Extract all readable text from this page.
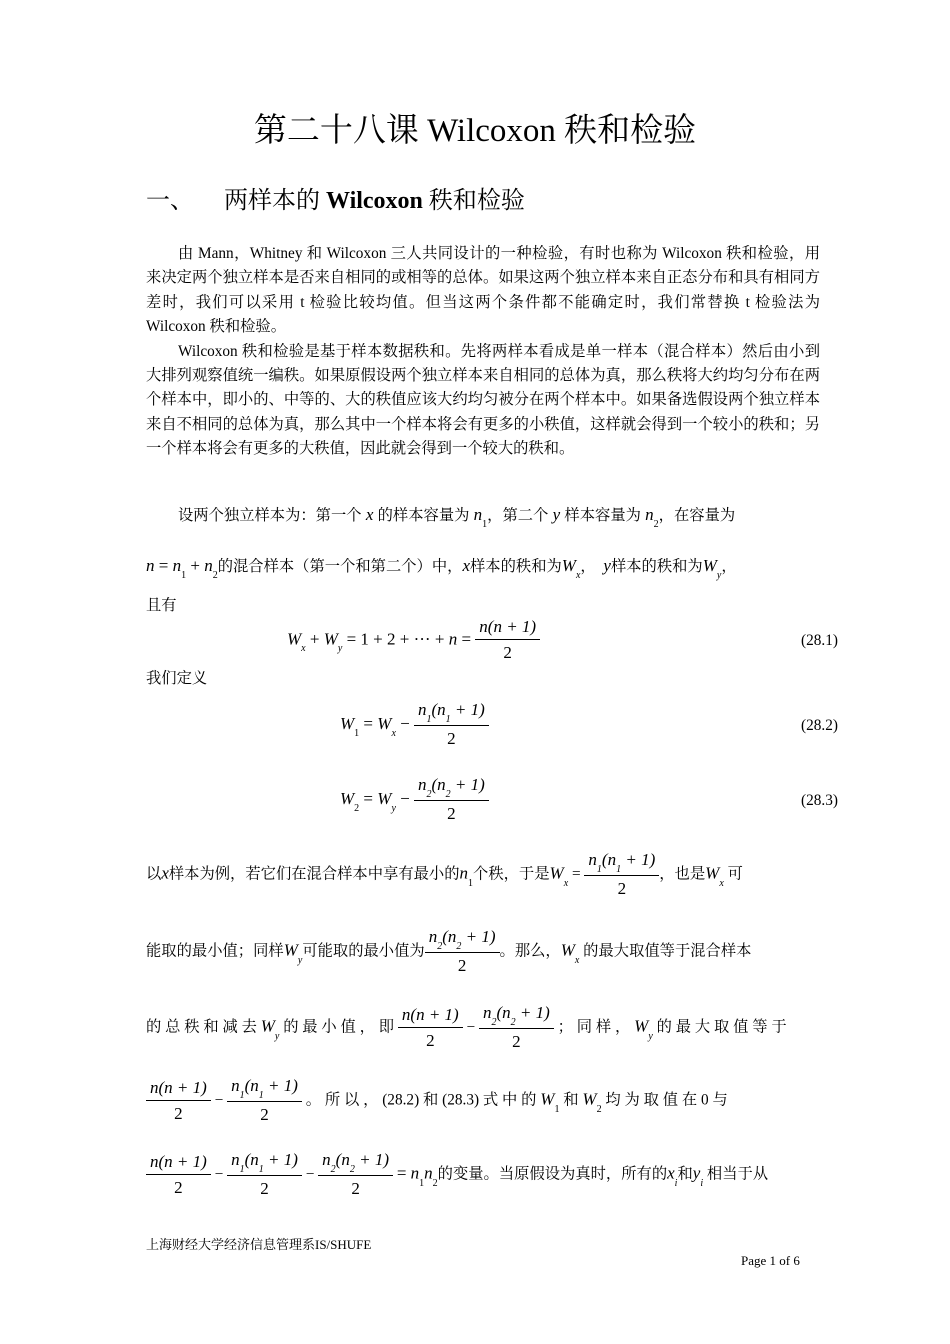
第二十八课 Wilcoxon 秩和检验
一、 两样本的 Wilcoxon 秩和检验

由 Mann，Whitney 和 Wilcoxon 三人共同设计的一种检验，有时也称为 Wilcoxon 秩和检验，用来决定两个独立样本是否来自相同的或相等的总体。如果这两个独立样本来自正态分布和具有相同方差时，我们可以采用 t 检验比较均值。但当这两个条件都不能确定时，我们常替换 t 检验法为 Wilcoxon 秩和检验。

Wilcoxon 秩和检验是基于样本数据秩和。先将两样本看成是单一样本（混合样本）然后由小到大排列观察值统一编秩。如果原假设两个独立样本来自相同的总体为真，那么秩将大约均匀分布在两个样本中，即小的、中等的、大的秩值应该大约均匀被分在两个样本中。如果备选假设两个独立样本来自不相同的总体为真，那么其中一个样本将会有更多的小秩值，这样就会得到一个较小的秩和；另一个样本将会有更多的大秩值，因此就会得到一个较大的秩和。

设两个独立样本为：第一个 x 的样本容量为 $n_1$，第二个 y 样本容量为 $n_2$，在容量为
$n = n_1 + n_2$的混合样本（第一个和第二个）中，x样本的秩和为$W_x$， y样本的秩和为$W_y$，
且有
$W_x + W_y = 1 + 2$ + ··· + $n = \frac{n(n + 1)}{2}$	(28.1)
我们定义
$W_1 = W_x - \frac{n_1(n_1 + 1)}{2}$	(28.2)
$W_2 = W_y - \frac{n_2(n_2 + 1)}{2}$	(28.3)
以x样本为例，若它们在混合样本中享有最小的$n_1$个秩，于是$W_x = \frac{n_1(n_1 + 1)}{2}$ ，也是$W_x$ 可
能取的最小值；同样$W_y$可能取的最小值为 $\frac{n_2(n_2 + 1)}{2}$ 。那么，$W_x$ 的最大取值等于混合样本
的 总 秩 和 减 去 $W_y$ 的 最 小 值 ， 即 $\frac{n(n + 1)}{2} - \frac{n_2(n_2 + 1)}{2}$ ； 同 样 ， $W_y$ 的 最 大 取 值 等 于
$\frac{n(n + 1)}{2} - \frac{n_1(n_1 + 1)}{2}$ 。 所 以 ， (28.2) 和 (28.3) 式 中 的 $W_1$ 和 $W_2$ 均 为 取 值 在 0 与
$\frac{n(n + 1)}{2} - \frac{n_1(n_1 + 1)}{2} - \frac{n_2(n_2 + 1)}{2} = n_1n_2$的变量。当原假设为真时，所有的$x_i$和$y_i$ 相当于从
上海财经大学经济信息管理系IS/SHUFE
Page 1 of 6
